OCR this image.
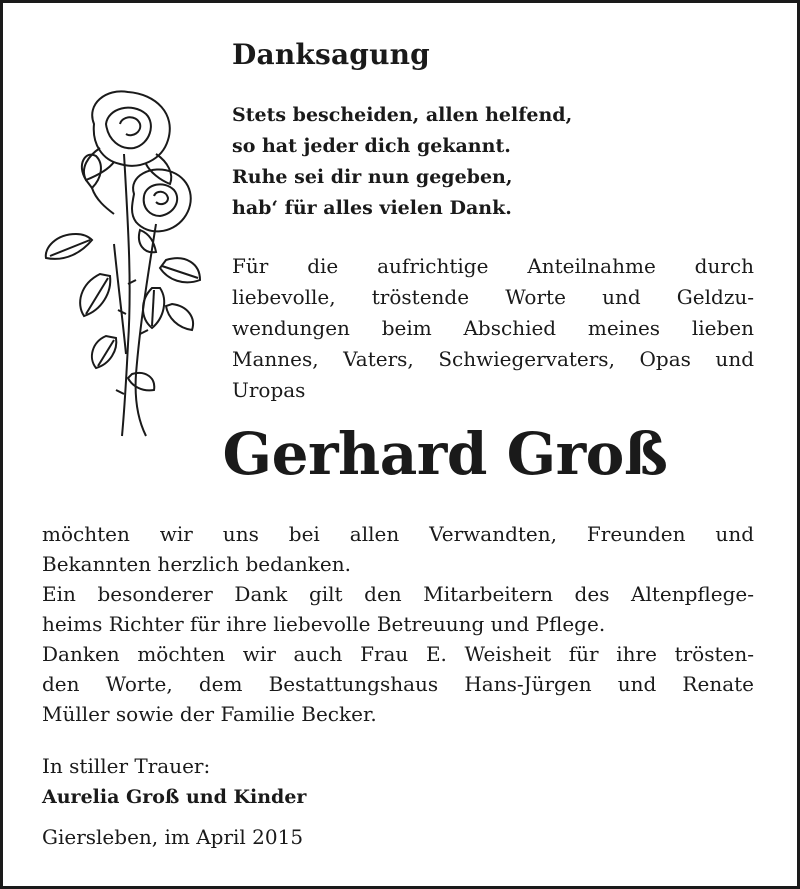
Danksagung
Stets bescheiden, allen helfend,
so hat jeder dich gekannt.
Ruhe sei dir nun gegeben,
hab‘ für alles vielen Dank.
Für die aufrichtige Anteilnahme durch
liebevolle, tröstende Worte und Geldzu-
wendungen beim Abschied meines lieben
Mannes, Vaters, Schwiegervaters, Opas und
Uropas
Gerhard Groß
möchten wir uns bei allen Verwandten, Freunden und
Bekannten herzlich bedanken.
Ein besonderer Dank gilt den Mitarbeitern des Altenpflege-
heims Richter für ihre liebevolle Betreuung und Pflege.
Danken möchten wir auch Frau E. Weisheit für ihre trösten-
den Worte, dem Bestattungshaus Hans-Jürgen und Renate
Müller sowie der Familie Becker.
In stiller Trauer:
Aurelia Groß und Kinder
Giersleben, im April 2015
